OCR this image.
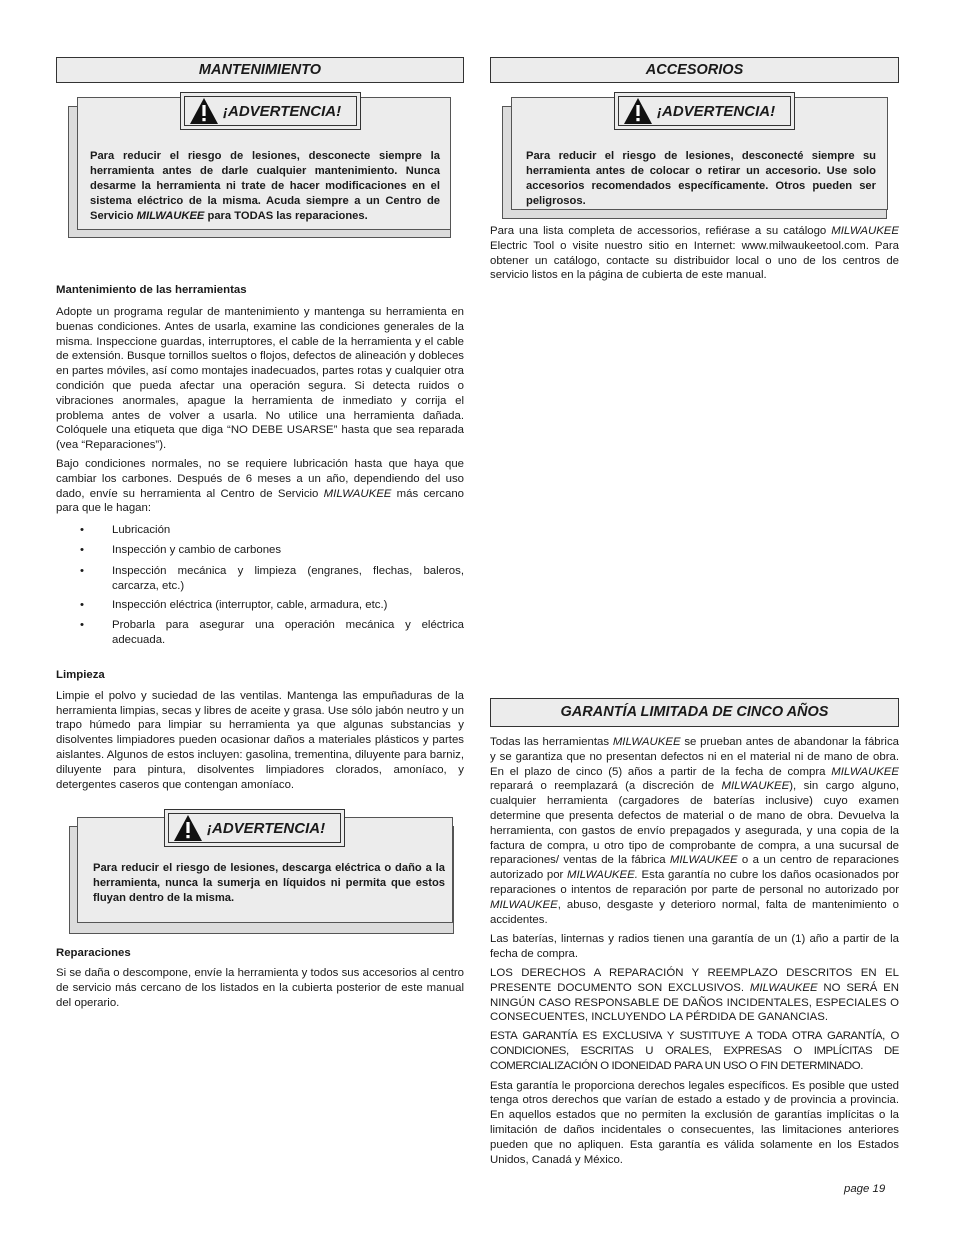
MANTENIMIENTO
¡ADVERTENCIA!
Para reducir el riesgo de lesiones, desconecte siempre la herramienta antes de darle cualquier mantenimiento. Nunca desarme la herramienta ni trate de hacer modificaciones en el sistema eléctrico de la misma. Acuda siempre a un Centro de Servicio MILWAUKEE para TODAS las reparaciones.
Mantenimiento de las herramientas

Adopte un programa regular de mantenimiento y mantenga su herramienta en buenas condiciones. Antes de usarla, examine las condiciones generales de la misma. Inspeccione guardas, interruptores, el cable de la herramienta y el cable de extensión. Busque tornillos sueltos o flojos, defectos de alineación y dobleces en partes móviles, así como montajes inadecuados, partes rotas y cualquier otra condición que pueda afectar una operación segura. Si detecta ruidos o vibraciones anormales, apague la herramienta de inmediato y corrija el problema antes de volver a usarla. No utilice una herramienta dañada. Colóquele una etiqueta que diga “NO DEBE USARSE” hasta que sea reparada (vea “Reparaciones”).

Bajo condiciones normales, no se requiere lubricación hasta que haya que cambiar los carbones. Después de 6 meses a un año, dependiendo del uso dado, envíe su herramienta al Centro de Servicio MILWAUKEE más cercano para que le hagan:

• Lubricación
• Inspección y cambio de carbones
• Inspección mecánica y limpieza (engranes, flechas, baleros, carcarza, etc.)
• Inspección eléctrica (interruptor, cable, armadura, etc.)
• Probarla para asegurar una operación mecánica y eléctrica adecuada.
Limpieza

Limpie el polvo y suciedad de las ventilas. Mantenga las empuñaduras de la herramienta limpias, secas y libres de aceite y grasa. Use sólo jabón neutro y un trapo húmedo para limpiar su herramienta ya que algunas substancias y disolventes limpiadores pueden ocasionar daños a materiales plásticos y partes aislantes. Algunos de estos incluyen: gasolina, trementina, diluyente para barniz, diluyente para pintura, disolventes limpiadores clorados, amoníaco, y detergentes caseros que contengan amoníaco.

¡ADVERTENCIA!
Para reducir el riesgo de lesiones, descarga eléctrica o daño a la herramienta, nunca la sumerja en líquidos ni permita que estos fluyan dentro de la misma.
Reparaciones

Si se daña o descompone, envíe la herramienta y todos sus accesorios al centro de servicio más cercano de los listados en la cubierta posterior de este manual del operario.

ACCESORIOS
¡ADVERTENCIA!
Para reducir el riesgo de lesiones, desconecté siempre su herramienta antes de colocar o retirar un accesorio. Use solo accesorios recomendados específicamente. Otros pueden ser peligrosos.

Para una lista completa de accessorios, refiérase a su catálogo MILWAUKEE Electric Tool o visite nuestro sitio en Internet: www.milwaukeetool.com. Para obtener un catálogo, contacte su distribuidor local o uno de los centros de servicio listos en la página de cubierta de este manual.

GARANTÍA LIMITADA DE CINCO AÑOS

Todas las herramientas MILWAUKEE se prueban antes de abandonar la fábrica y se garantiza que no presentan defectos ni en el material ni de mano de obra. En el plazo de cinco (5) años a partir de la fecha de compra MILWAUKEE reparará o reemplazará (a discreción de MILWAUKEE), sin cargo alguno, cualquier herramienta (cargadores de baterías inclusive) cuyo examen determine que presenta defectos de material o de mano de obra. Devuelva la herramienta, con gastos de envío prepagados y asegurada, y una copia de la factura de compra, u otro tipo de comprobante de compra, a una sucursal de reparaciones/ ventas de la fábrica MILWAUKEE o a un centro de reparaciones autorizado por MILWAUKEE. Esta garantía no cubre los daños ocasionados por reparaciones o intentos de reparación por parte de personal no autorizado por MILWAUKEE, abuso, desgaste y deterioro normal, falta de mantenimiento o accidentes.

Las baterías, linternas y radios tienen una garantía de un (1) año a partir de la fecha de compra.

LOS DERECHOS A REPARACIÓN Y REEMPLAZO DESCRITOS EN EL PRESENTE DOCUMENTO SON EXCLUSIVOS. MILWAUKEE NO SERÁ EN NINGÚN CASO RESPONSABLE DE DAÑOS INCIDENTALES, ESPECIALES O CONSECUENTES, INCLUYENDO LA PÉRDIDA DE GANANCIAS.

ESTA GARANTÍA ES EXCLUSIVA Y SUSTITUYE A TODA OTRA GARANTÍA, O CONDICIONES, ESCRITAS U ORALES, EXPRESAS O IMPLÍCITAS DE COMERCIALIZACIÓN O IDONEIDAD PARA UN USO O FIN DETERMINADO.

Esta garantía le proporciona derechos legales específicos. Es posible que usted tenga otros derechos que varían de estado a estado y de provincia a provincia. En aquellos estados que no permiten la exclusión de garantías implícitas o la limitación de daños incidentales o consecuentes, las limitaciones anteriores pueden que no apliquen. Esta garantía es válida solamente en los Estados Unidos, Canadá y México.

page 19
